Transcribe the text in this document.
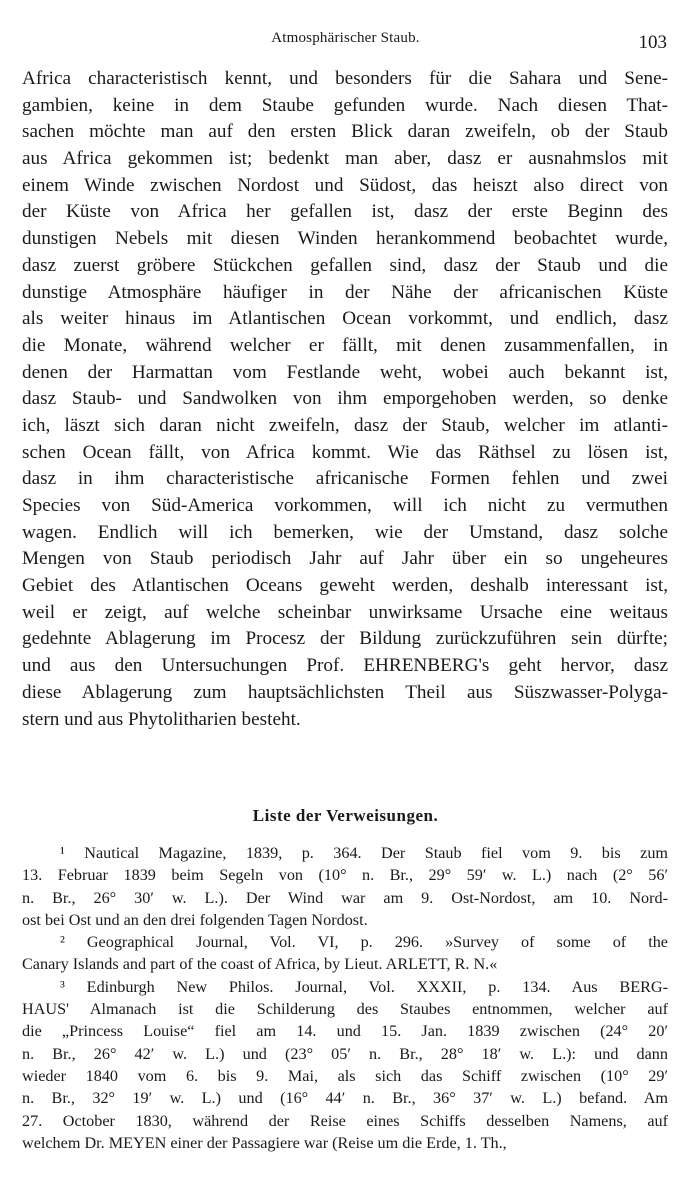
Atmosphärischer Staub.	103
Africa characteristisch kennt, und besonders für die Sahara und Sene-
gambien, keine in dem Staube gefunden wurde. Nach diesen That-
sachen möchte man auf den ersten Blick daran zweifeln, ob der Staub
aus Africa gekommen ist; bedenkt man aber, dasz er ausnahmslos mit
einem Winde zwischen Nordost und Südost, das heiszt also direct von
der Küste von Africa her gefallen ist, dasz der erste Beginn des
dunstigen Nebels mit diesen Winden herankommend beobachtet wurde,
dasz zuerst gröbere Stückchen gefallen sind, dasz der Staub und die
dunstige Atmosphäre häufiger in der Nähe der africanischen Küste
als weiter hinaus im Atlantischen Ocean vorkommt, und endlich, dasz
die Monate, während welcher er fällt, mit denen zusammenfallen, in
denen der Harmattan vom Festlande weht, wobei auch bekannt ist,
dasz Staub- und Sandwolken von ihm emporgehoben werden, so denke
ich, läszt sich daran nicht zweifeln, dasz der Staub, welcher im atlanti-
schen Ocean fällt, von Africa kommt. Wie das Räthsel zu lösen ist,
dasz in ihm characteristische africanische Formen fehlen und zwei
Species von Süd-America vorkommen, will ich nicht zu vermuthen
wagen. Endlich will ich bemerken, wie der Umstand, dasz solche
Mengen von Staub periodisch Jahr auf Jahr über ein so ungeheures
Gebiet des Atlantischen Oceans geweht werden, deshalb interessant ist,
weil er zeigt, auf welche scheinbar unwirksame Ursache eine weitaus
gedehnte Ablagerung im Procesz der Bildung zurückzuführen sein dürfte;
und aus den Untersuchungen Prof. EHRENBERG's geht hervor, dasz
diese Ablagerung zum hauptsächlichsten Theil aus Süszwasser-Polyga-
stern und aus Phytolitharien besteht.
Liste der Verweisungen.
¹ Nautical Magazine, 1839, p. 364. Der Staub fiel vom 9. bis zum
13. Februar 1839 beim Segeln von (10° n. Br., 29° 59′ w. L.) nach (2° 56′
n. Br., 26° 30′ w. L.). Der Wind war am 9. Ost-Nordost, am 10. Nord-
ost bei Ost und an den drei folgenden Tagen Nordost.
² Geographical Journal, Vol. VI, p. 296. »Survey of some of the
Canary Islands and part of the coast of Africa, by Lieut. ARLETT, R. N.«
³ Edinburgh New Philos. Journal, Vol. XXXII, p. 134. Aus BERG-
HAUS' Almanach ist die Schilderung des Staubes entnommen, welcher auf
die „Princess Louise“ fiel am 14. und 15. Jan. 1839 zwischen (24° 20′
n. Br., 26° 42′ w. L.) und (23° 05′ n. Br., 28° 18′ w. L.): und dann
wieder 1840 vom 6. bis 9. Mai, als sich das Schiff zwischen (10° 29′
n. Br., 32° 19′ w. L.) und (16° 44′ n. Br., 36° 37′ w. L.) befand. Am
27. October 1830, während der Reise eines Schiffs desselben Namens, auf
welchem Dr. MEYEN einer der Passagiere war (Reise um die Erde, 1. Th.,
